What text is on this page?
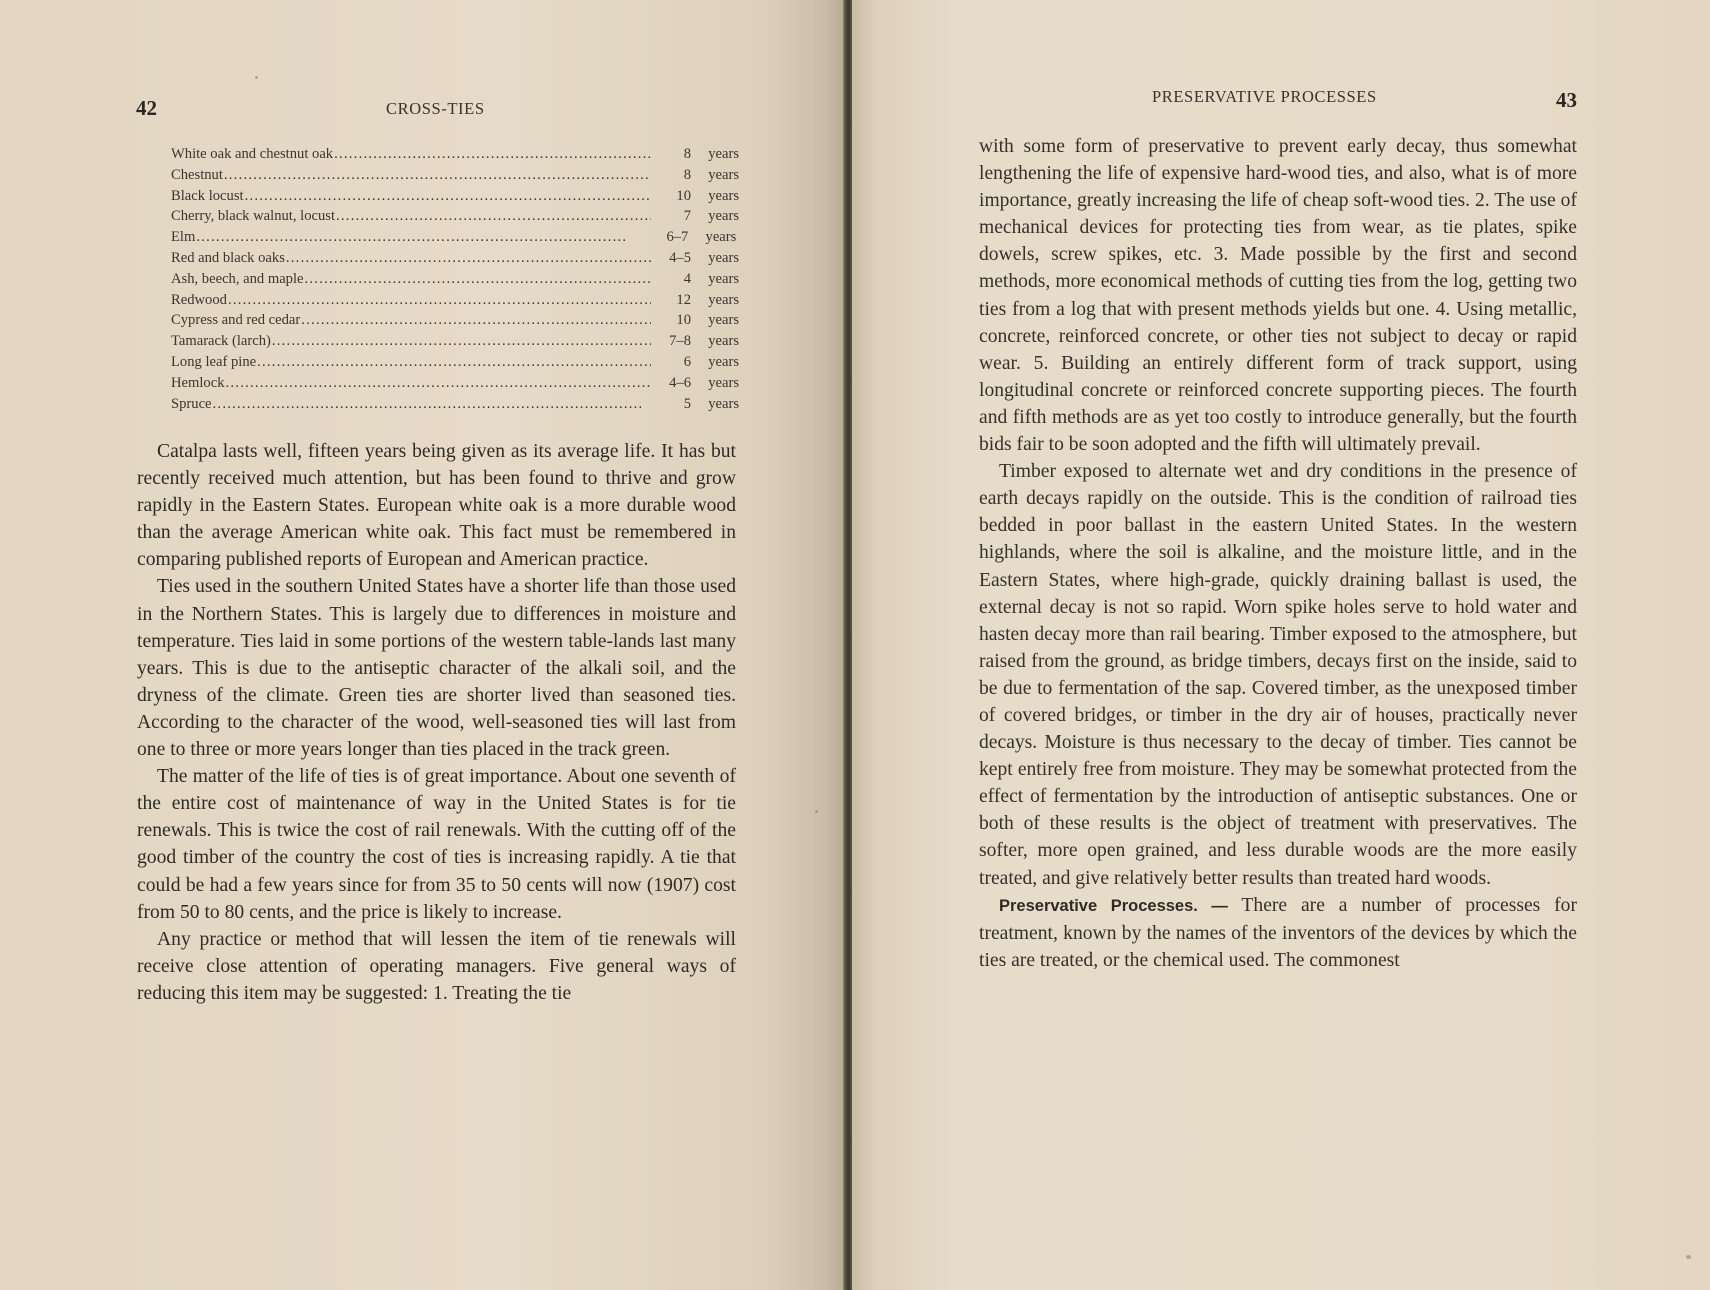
42	CROSS-TIES
White oak and chestnut oak . . .	8	years
Chestnut . . .	8	years
Black locust . . .	10	years
Cherry, black walnut, locust . . .	7	years
Elm . . .	6–7	years
Red and black oaks . . .	4–5	years
Ash, beech, and maple . . .	4	years
Redwood . . .	12	years
Cypress and red cedar . . .	10	years
Tamarack (larch) . . .	7–8	years
Long leaf pine . . .	6	years
Hemlock . . .	4–6	years
Spruce . . .	5	years

Catalpa lasts well, fifteen years being given as its average life. It has but recently received much attention, but has been found to thrive and grow rapidly in the Eastern States. European white oak is a more durable wood than the average American white oak. This fact must be remembered in comparing published reports of European and American practice.

Ties used in the southern United States have a shorter life than those used in the Northern States. This is largely due to differences in moisture and temperature. Ties laid in some portions of the western table-lands last many years. This is due to the antiseptic character of the alkali soil, and the dryness of the climate. Green ties are shorter lived than seasoned ties. According to the character of the wood, well-seasoned ties will last from one to three or more years longer than ties placed in the track green.

The matter of the life of ties is of great importance. About one seventh of the entire cost of maintenance of way in the United States is for tie renewals. This is twice the cost of rail renewals. With the cutting off of the good timber of the country the cost of ties is increasing rapidly. A tie that could be had a few years since for from 35 to 50 cents will now (1907) cost from 50 to 80 cents, and the price is likely to increase.

Any practice or method that will lessen the item of tie renewals will receive close attention of operating managers. Five general ways of reducing this item may be suggested: 1. Treating the tie

PRESERVATIVE PROCESSES	43

with some form of preservative to prevent early decay, thus somewhat lengthening the life of expensive hard-wood ties, and also, what is of more importance, greatly increasing the life of cheap soft-wood ties. 2. The use of mechanical devices for protecting ties from wear, as tie plates, spike dowels, screw spikes, etc. 3. Made possible by the first and second methods, more economical methods of cutting ties from the log, getting two ties from a log that with present methods yields but one. 4. Using metallic, concrete, reinforced concrete, or other ties not subject to decay or rapid wear. 5. Building an entirely different form of track support, using longitudinal concrete or reinforced concrete supporting pieces. The fourth and fifth methods are as yet too costly to introduce generally, but the fourth bids fair to be soon adopted and the fifth will ultimately prevail.

Timber exposed to alternate wet and dry conditions in the presence of earth decays rapidly on the outside. This is the condition of railroad ties bedded in poor ballast in the eastern United States. In the western highlands, where the soil is alkaline, and the moisture little, and in the Eastern States, where high-grade, quickly draining ballast is used, the external decay is not so rapid. Worn spike holes serve to hold water and hasten decay more than rail bearing. Timber exposed to the atmosphere, but raised from the ground, as bridge timbers, decays first on the inside, said to be due to fermentation of the sap. Covered timber, as the unexposed timber of covered bridges, or timber in the dry air of houses, practically never decays. Moisture is thus necessary to the decay of timber. Ties cannot be kept entirely free from moisture. They may be somewhat protected from the effect of fermentation by the introduction of antiseptic substances. One or both of these results is the object of treatment with preservatives. The softer, more open grained, and less durable woods are the more easily treated, and give relatively better results than treated hard woods.

Preservative Processes. — There are a number of processes for treatment, known by the names of the inventors of the devices by which the ties are treated, or the chemical used. The commonest
